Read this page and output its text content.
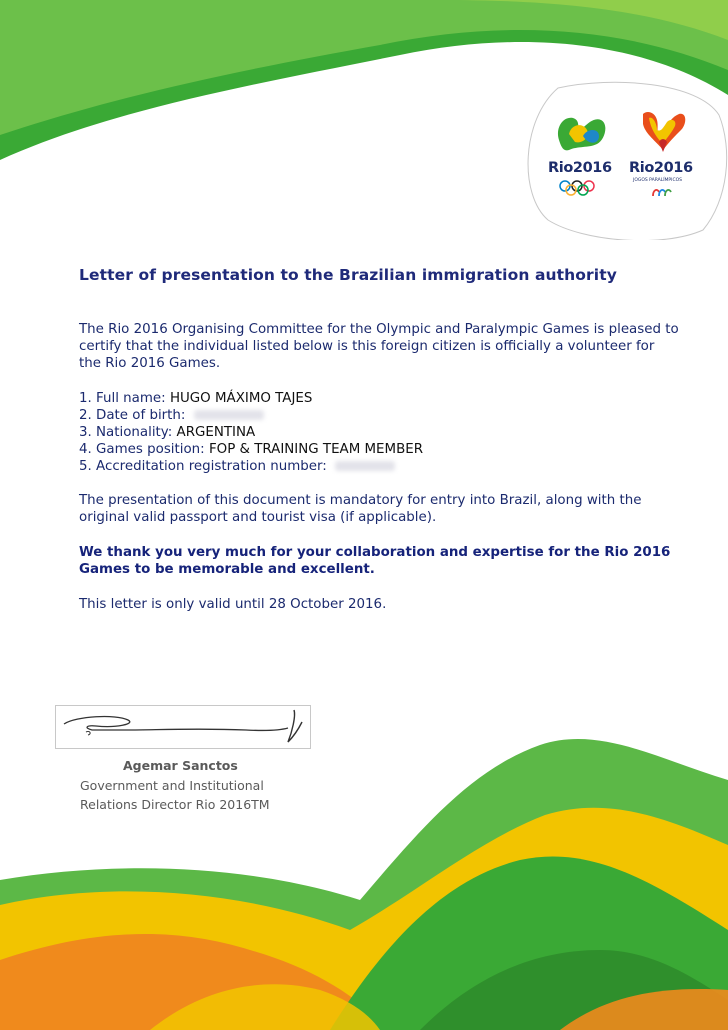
Rio2016 Rio2016

JOGOS PARALÍMPICOS

Letter of presentation to the Brazilian immigration authority

The Rio 2016 Organising Committee for the Olympic and Paralympic Games is pleased to certify that the individual listed below is this foreign citizen is officially a volunteer for the Rio 2016 Games.

1. Full name: HUGO MÁXIMO TAJES
2. Date of birth:
3. Nationality: ARGENTINA
4. Games position: FOP & TRAINING TEAM MEMBER
5. Accreditation registration number:

The presentation of this document is mandatory for entry into Brazil, along with the original valid passport and tourist visa (if applicable).

We thank you very much for your collaboration and expertise for the Rio 2016 Games to be memorable and excellent.

This letter is only valid until 28 October 2016.

Agemar Sanctos

Government and Institutional

Relations Director Rio 2016TM
